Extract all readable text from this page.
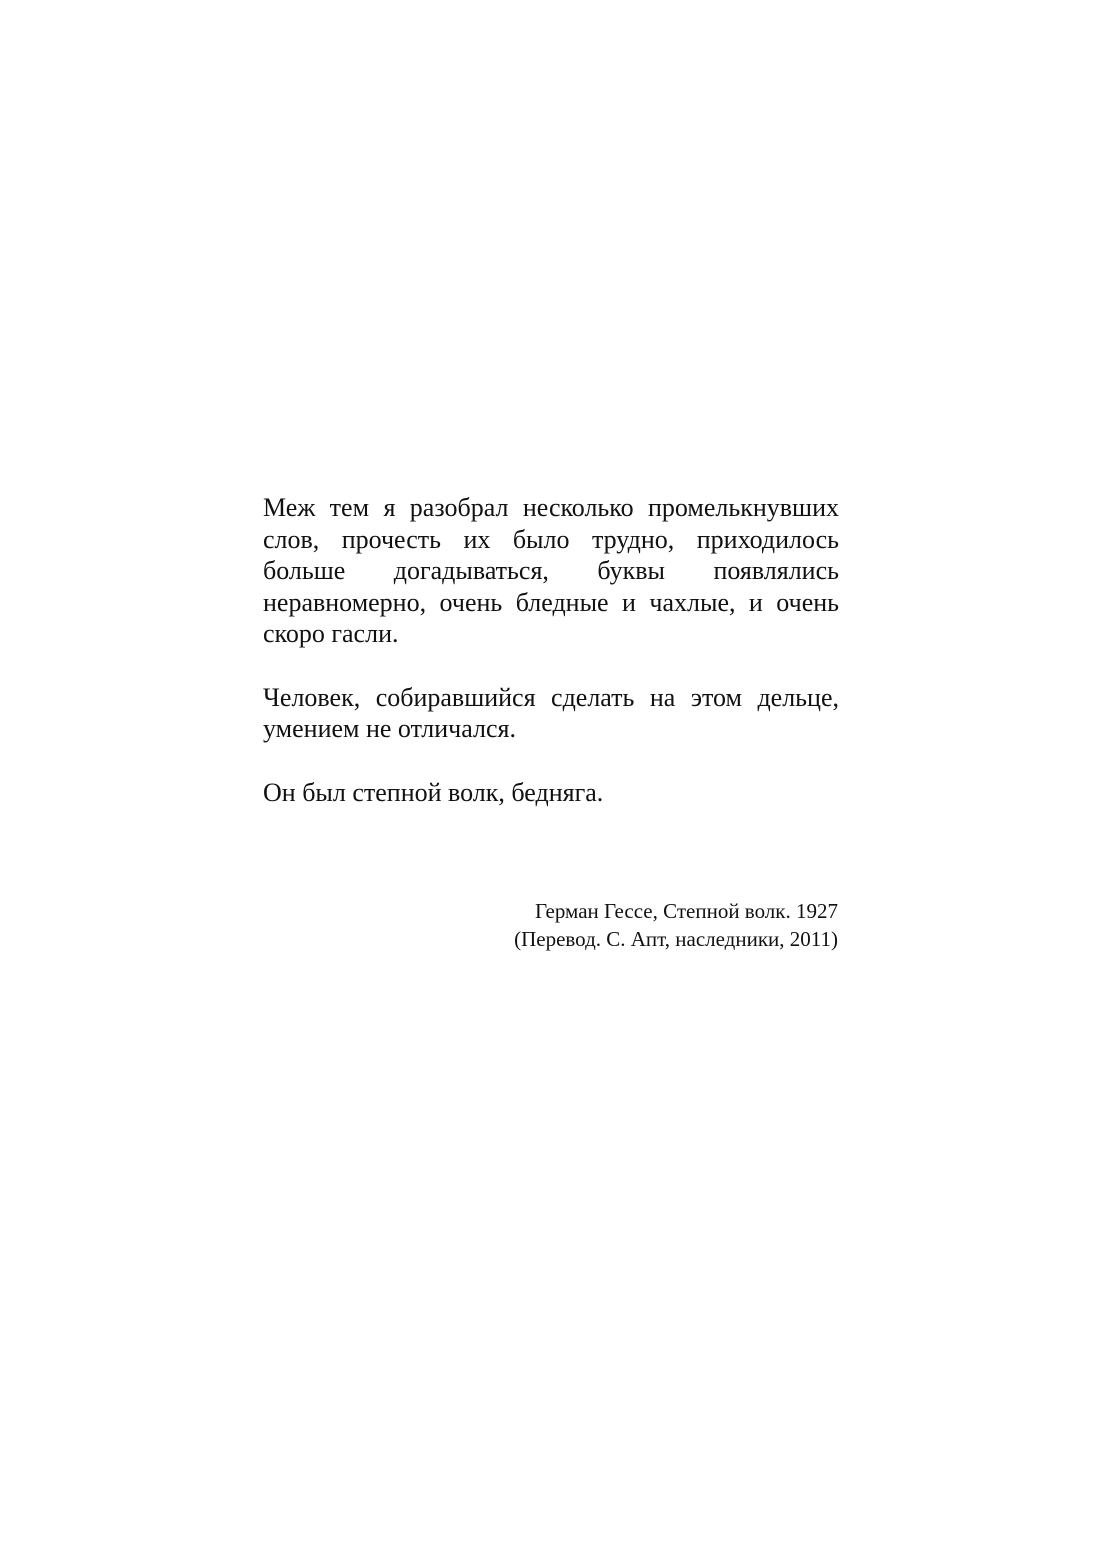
Меж тем я разобрал несколько промелькнувших слов, прочесть их было трудно, приходилось больше догадываться, буквы появлялись неравномерно, очень бледные и чахлые, и очень скоро гасли.

Человек, собиравшийся сделать на этом дельце, умением не отличался.

Он был степной волк, бедняга.

Герман Гессе, Степной волк. 1927
(Перевод. С. Апт, наследники, 2011)
